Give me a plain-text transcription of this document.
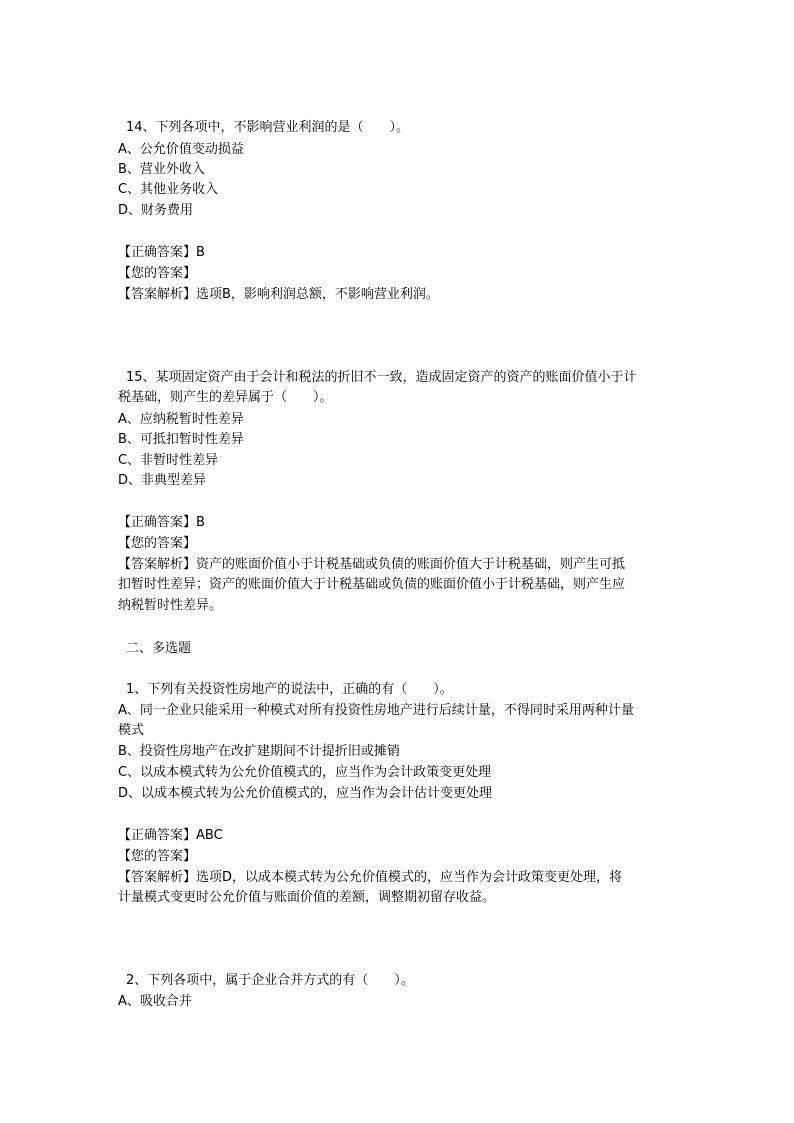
14、下列各项中，不影响营业利润的是（　　）。
A、公允价值变动损益
B、营业外收入
C、其他业务收入
D、财务费用
【正确答案】B
【您的答案】
【答案解析】选项B，影响利润总额，不影响营业利润。
15、某项固定资产由于会计和税法的折旧不一致，造成固定资产的资产的账面价值小于计
税基础，则产生的差异属于（　　）。
A、应纳税暂时性差异
B、可抵扣暂时性差异
C、非暂时性差异
D、非典型差异
【正确答案】B
【您的答案】
【答案解析】资产的账面价值小于计税基础或负债的账面价值大于计税基础，则产生可抵
扣暂时性差异；资产的账面价值大于计税基础或负债的账面价值小于计税基础，则产生应
纳税暂时性差异。
二、多选题
1、下列有关投资性房地产的说法中，正确的有（　　）。
A、同一企业只能采用一种模式对所有投资性房地产进行后续计量，不得同时采用两种计量
模式
B、投资性房地产在改扩建期间不计提折旧或摊销
C、以成本模式转为公允价值模式的，应当作为会计政策变更处理
D、以成本模式转为公允价值模式的，应当作为会计估计变更处理
【正确答案】ABC
【您的答案】
【答案解析】选项D，以成本模式转为公允价值模式的，应当作为会计政策变更处理，将
计量模式变更时公允价值与账面价值的差额，调整期初留存收益。
2、下列各项中，属于企业合并方式的有（　　）。
A、吸收合并
